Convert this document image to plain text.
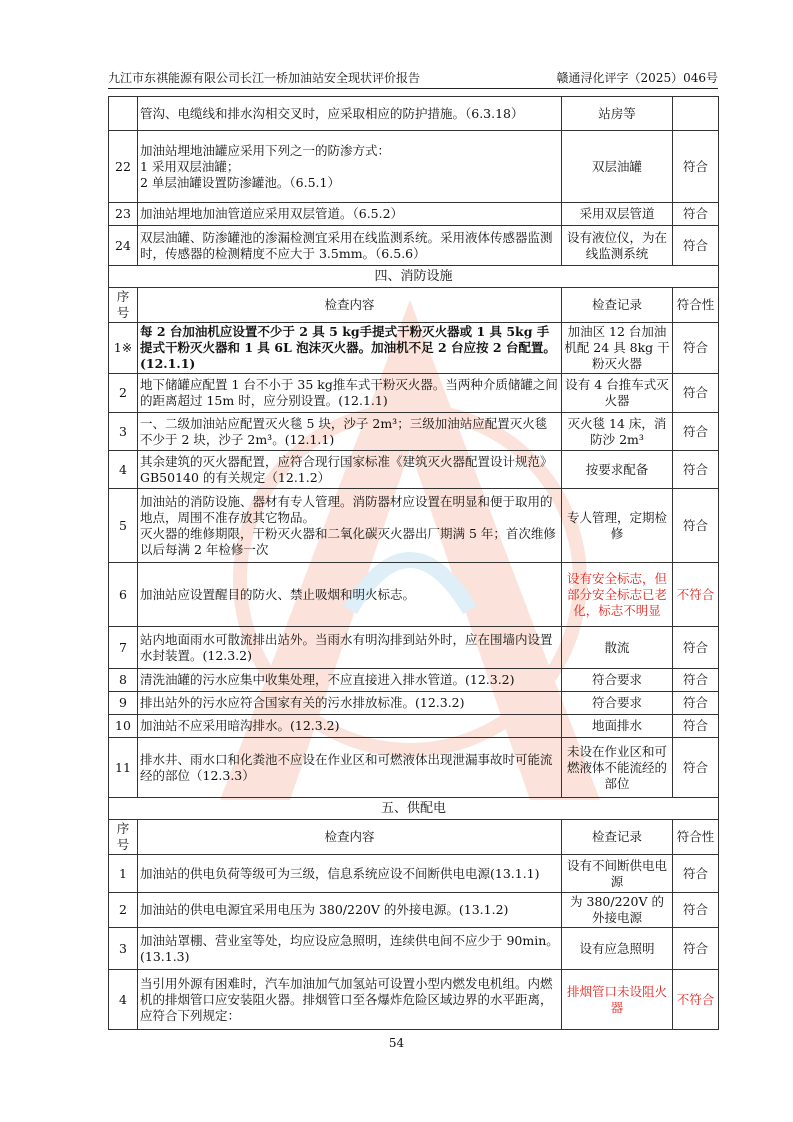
九江市东祺能源有限公司长江一桥加油站安全现状评价报告	赣通浔化评字（2025）046号
	管沟、电缆线和排水沟相交叉时，应采取相应的防护措施。（6.3.18）	站房等	
22	加油站埋地油罐应采用下列之一的防渗方式：
1 采用双层油罐；
2 单层油罐设置防渗罐池。（6.5.1）	双层油罐	符合
23	加油站埋地加油管道应采用双层管道。（6.5.2）	采用双层管道	符合
24	双层油罐、防渗罐池的渗漏检测宜采用在线监测系统。采用液体传感器监测时，传感器的检测精度不应大于 3.5mm。（6.5.6）	设有液位仪，为在线监测系统	符合
四、消防设施			
序号	检查内容	检查记录	符合性
1※	每 2 台加油机应设置不少于 2 具 5 kg手提式干粉灭火器或 1 具 5kg 手提式干粉灭火器和 1 具 6L 泡沫灭火器。加油机不足 2 台应按 2 台配置。(12.1.1)	加油区 12 台加油机配 24 具 8kg 干粉灭火器	符合
2	地下储罐应配置 1 台不小于 35 kg推车式干粉灭火器。当两种介质储罐之间的距离超过 15m 时，应分别设置。(12.1.1)	设有 4 台推车式灭火器	符合
3	一、二级加油站应配置灭火毯 5 块，沙子 2m³；三级加油站应配置灭火毯不少于 2 块，沙子 2m³。(12.1.1)	灭火毯 14 床，消防沙 2m³	符合
4	其余建筑的灭火器配置，应符合现行国家标准《建筑灭火器配置设计规范》GB50140 的有关规定（12.1.2）	按要求配备	符合
5	加油站的消防设施、器材有专人管理。消防器材应设置在明显和便于取用的地点，周围不准存放其它物品。
灭火器的维修期限，干粉灭火器和二氧化碳灭火器出厂期满 5 年；首次维修以后每满 2 年检修一次	专人管理，定期检修	符合
6	加油站应设置醒目的防火、禁止吸烟和明火标志。	设有安全标志，但部分安全标志已老化，标志不明显	不符合
7	站内地面雨水可散流排出站外。当雨水有明沟排到站外时，应在围墙内设置水封装置。(12.3.2)	散流	符合
8	清洗油罐的污水应集中收集处理，不应直接进入排水管道。(12.3.2)	符合要求	符合
9	排出站外的污水应符合国家有关的污水排放标准。(12.3.2)	符合要求	符合
10	加油站不应采用暗沟排水。(12.3.2)	地面排水	符合
11	排水井、雨水口和化粪池不应设在作业区和可燃液体出现泄漏事故时可能流经的部位（12.3.3）	未设在作业区和可燃液体不能流经的部位	符合
五、供配电			
序号	检查内容	检查记录	符合性
1	加油站的供电负荷等级可为三级，信息系统应设不间断供电电源(13.1.1)	设有不间断供电电源	符合
2	加油站的供电电源宜采用电压为 380/220V 的外接电源。(13.1.2)	为 380/220V 的外接电源	符合
3	加油站罩棚、营业室等处，均应设应急照明，连续供电间不应少于 90min。(13.1.3)	设有应急照明	符合
4	当引用外源有困难时，汽车加油加气加氢站可设置小型内燃发电机组。内燃机的排烟管口应安装阻火器。排烟管口至各爆炸危险区域边界的水平距离，应符合下列规定：	排烟管口未设阻火器	不符合
54
